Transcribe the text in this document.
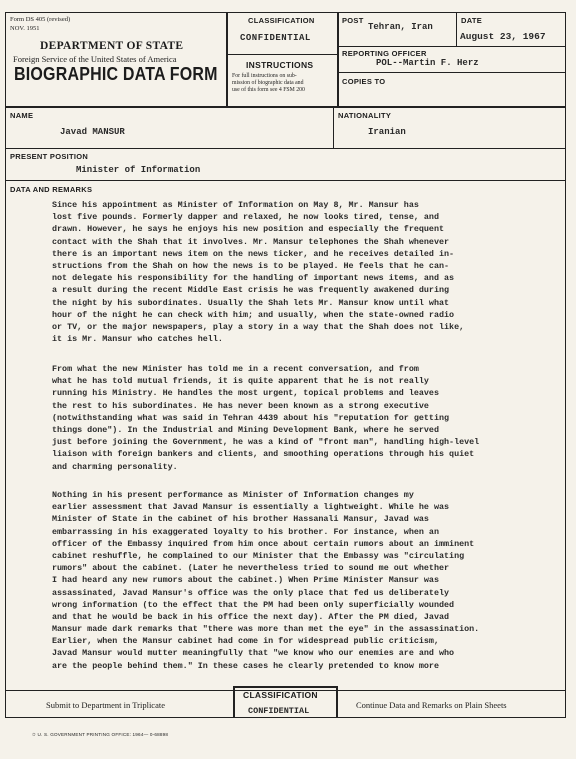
Form DS 405 (revised)
NOV. 1951
DEPARTMENT OF STATE
Foreign Service of the United States of America
BIOGRAPHIC DATA FORM
CLASSIFICATION
CONFIDENTIAL
INSTRUCTIONS
For full instructions on sub-
mission of biographic data and
use of this form see 4 FSM 200
POST
Tehran, Iran
DATE
August 23, 1967
REPORTING OFFICER
POL--Martin F. Herz
COPIES TO
NAME
Javad MANSUR
NATIONALITY
Iranian
PRESENT POSITION
Minister of Information
DATA AND REMARKS
Since his appointment as Minister of Information on May 8, Mr. Mansur has
lost five pounds. Formerly dapper and relaxed, he now looks tired, tense, and
drawn. However, he says he enjoys his new position and especially the frequent
contact with the Shah that it involves. Mr. Mansur telephones the Shah whenever
there is an important news item on the news ticker, and he receives detailed in-
structions from the Shah on how the news is to be played. He feels that he can-
not delegate his responsibility for the handling of important news items, and as
a result during the recent Middle East crisis he was frequently awakened during
the night by his subordinates. Usually the Shah lets Mr. Mansur know until what
hour of the night he can check with him; and usually, when the state-owned radio
or TV, or the major newspapers, play a story in a way that the Shah does not like,
it is Mr. Mansur who catches hell.
From what the new Minister has told me in a recent conversation, and from
what he has told mutual friends, it is quite apparent that he is not really
running his Ministry. He handles the most urgent, topical problems and leaves
the rest to his subordinates. He has never been known as a strong executive
(notwithstanding what was said in Tehran 4439 about his "reputation for getting
things done"). In the Industrial and Mining Development Bank, where he served
just before joining the Government, he was a kind of "front man", handling high-level
liaison with foreign bankers and clients, and smoothing operations through his quiet
and charming personality.
Nothing in his present performance as Minister of Information changes my
earlier assessment that Javad Mansur is essentially a lightweight. While he was
Minister of State in the cabinet of his brother Hassanali Mansur, Javad was
embarrassing in his exaggerated loyalty to his brother. For instance, when an
officer of the Embassy inquired from him once about certain rumors about an imminent
cabinet reshuffle, he complained to our Minister that the Embassy was "circulating
rumors" about the cabinet. (Later he nevertheless tried to sound me out whether
I had heard any new rumors about the cabinet.) When Prime Minister Mansur was
assassinated, Javad Mansur's office was the only place that fed us deliberately
wrong information (to the effect that the PM had been only superficially wounded
and that he would be back in his office the next day). After the PM died, Javad
Mansur made dark remarks that "there was more than met the eye" in the assassination.
Earlier, when the Mansur cabinet had come in for widespread public criticism,
Javad Mansur would mutter meaningfully that "we know who our enemies are and who
are the people behind them." In these cases he clearly pretended to know more
Submit to Department in Triplicate
CLASSIFICATION
CONFIDENTIAL
Continue Data and Remarks on Plain Sheets
✩ U. S. GOVERNMENT PRINTING OFFICE: 1964— 0-68898
